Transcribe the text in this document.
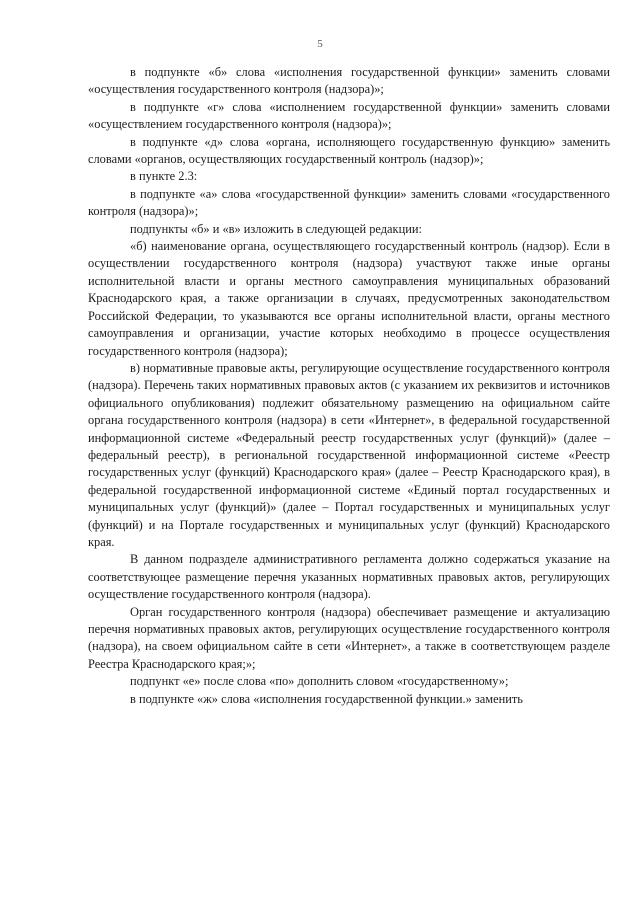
5

в подпункте «б» слова «исполнения государственной функции» заменить словами «осуществления государственного контроля (надзора)»;

в подпункте «г» слова «исполнением государственной функции» заменить словами «осуществлением государственного контроля (надзора)»;

в подпункте «д» слова «органа, исполняющего государственную функцию» заменить словами «органов, осуществляющих государственный контроль (надзор)»;

в пункте 2.3:

в подпункте «а» слова «государственной функции» заменить словами «государственного контроля (надзора)»;

подпункты «б» и «в» изложить в следующей редакции:

«б) наименование органа, осуществляющего государственный контроль (надзор). Если в осуществлении государственного контроля (надзора) участвуют также иные органы исполнительной власти и органы местного самоуправления муниципальных образований Краснодарского края, а также организации в случаях, предусмотренных законодательством Российской Федерации, то указываются все органы исполнительной власти, органы местного самоуправления и организации, участие которых необходимо в процессе осуществления государственного контроля (надзора);

в) нормативные правовые акты, регулирующие осуществление государственного контроля (надзора). Перечень таких нормативных правовых актов (с указанием их реквизитов и источников официального опубликования) подлежит обязательному размещению на официальном сайте органа государственного контроля (надзора) в сети «Интернет», в федеральной государственной информационной системе «Федеральный реестр государственных услуг (функций)» (далее – федеральный реестр), в региональной государственной информационной системе «Реестр государственных услуг (функций) Краснодарского края» (далее – Реестр Краснодарского края), в федеральной государственной информационной системе «Единый портал государственных и муниципальных услуг (функций)» (далее – Портал государственных и муниципальных услуг (функций) и на Портале государственных и муниципальных услуг (функций) Краснодарского края.

В данном подразделе административного регламента должно содержаться указание на соответствующее размещение перечня указанных нормативных правовых актов, регулирующих осуществление государственного контроля (надзора).

Орган государственного контроля (надзора) обеспечивает размещение и актуализацию перечня нормативных правовых актов, регулирующих осуществление государственного контроля (надзора), на своем официальном сайте в сети «Интернет», а также в соответствующем разделе Реестра Краснодарского края;»;

подпункт «е» после слова «по» дополнить словом «государственному»;

в подпункте «ж» слова «исполнения государственной функции.» заменить
